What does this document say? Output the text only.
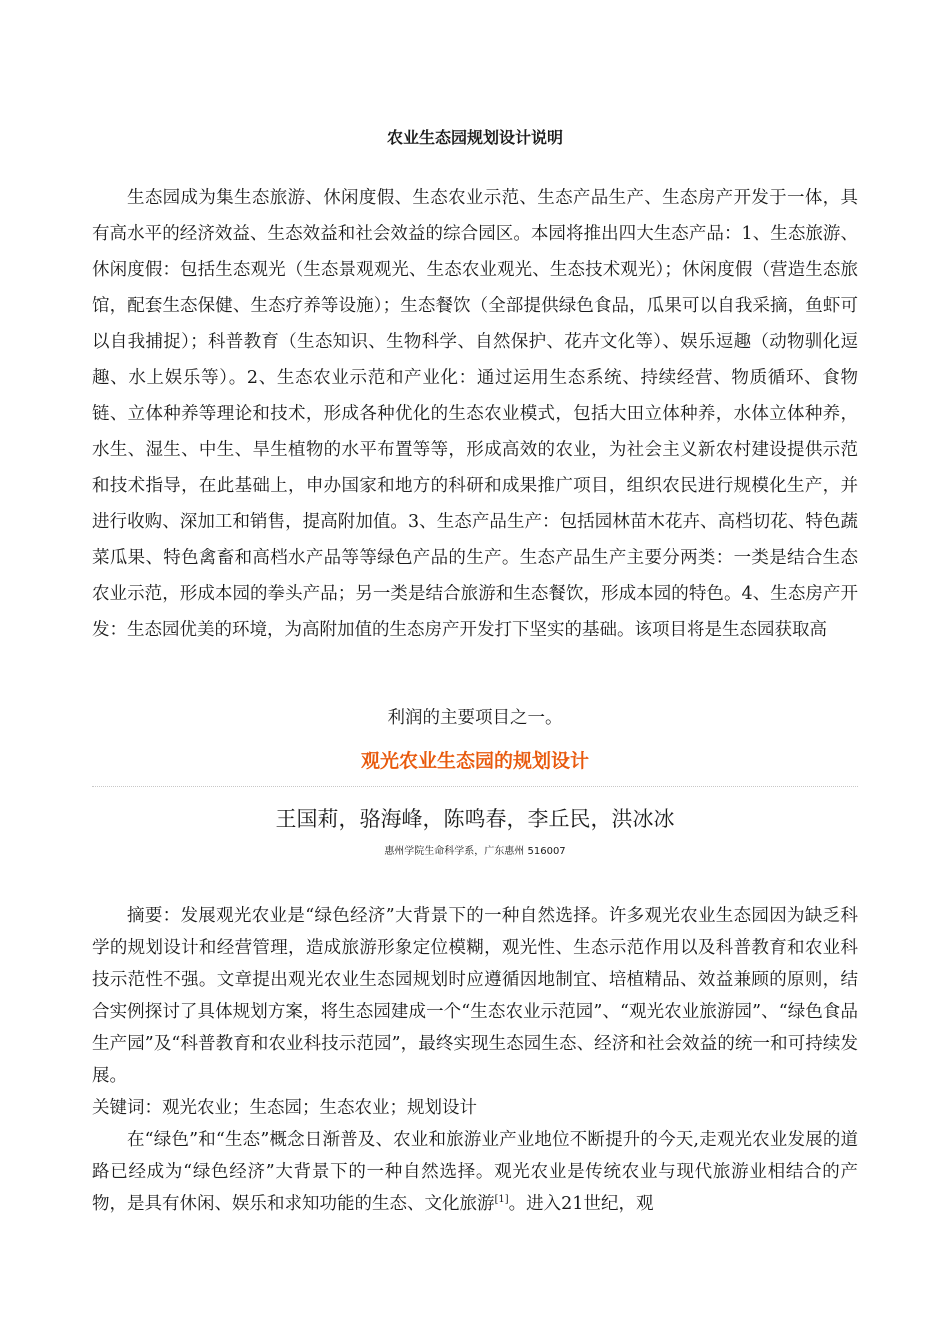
农业生态园规划设计说明

生态园成为集生态旅游、休闲度假、生态农业示范、生态产品生产、生态房产开发于一体，具有高水平的经济效益、生态效益和社会效益的综合园区。本园将推出四大生态产品：1、生态旅游、休闲度假：包括生态观光（生态景观观光、生态农业观光、生态技术观光）；休闲度假（营造生态旅馆，配套生态保健、生态疗养等设施）；生态餐饮（全部提供绿色食品，瓜果可以自我采摘，鱼虾可以自我捕捉）；科普教育（生态知识、生物科学、自然保护、花卉文化等）、娱乐逗趣（动物驯化逗趣、水上娱乐等）。2、生态农业示范和产业化：通过运用生态系统、持续经营、物质循环、食物链、立体种养等理论和技术，形成各种优化的生态农业模式，包括大田立体种养，水体立体种养，水生、湿生、中生、旱生植物的水平布置等等，形成高效的农业，为社会主义新农村建设提供示范和技术指导，在此基础上，申办国家和地方的科研和成果推广项目，组织农民进行规模化生产，并进行收购、深加工和销售，提高附加值。3、生态产品生产：包括园林苗木花卉、高档切花、特色蔬菜瓜果、特色禽畜和高档水产品等等绿色产品的生产。生态产品生产主要分两类：一类是结合生态农业示范，形成本园的拳头产品；另一类是结合旅游和生态餐饮，形成本园的特色。4、生态房产开发：生态园优美的环境，为高附加值的生态房产开发打下坚实的基础。该项目将是生态园获取高

利润的主要项目之一。

观光农业生态园的规划设计

王国莉，骆海峰，陈鸣春，李丘民，洪冰冰

惠州学院生命科学系，广东惠州 516007

摘要：发展观光农业是“绿色经济”大背景下的一种自然选择。许多观光农业生态园因为缺乏科学的规划设计和经营管理，造成旅游形象定位模糊，观光性、生态示范作用以及科普教育和农业科技示范性不强。文章提出观光农业生态园规划时应遵循因地制宜、培植精品、效益兼顾的原则，结合实例探讨了具体规划方案，将生态园建成一个“生态农业示范园”、“观光农业旅游园”、“绿色食品生产园”及“科普教育和农业科技示范园”，最终实现生态园生态、经济和社会效益的统一和可持续发展。

关键词：观光农业；生态园；生态农业；规划设计

在“绿色”和“生态”概念日渐普及、农业和旅游业产业地位不断提升的今天,走观光农业发展的道路已经成为“绿色经济”大背景下的一种自然选择。观光农业是传统农业与现代旅游业相结合的产物，是具有休闲、娱乐和求知功能的生态、文化旅游[1]。进入21世纪，观
